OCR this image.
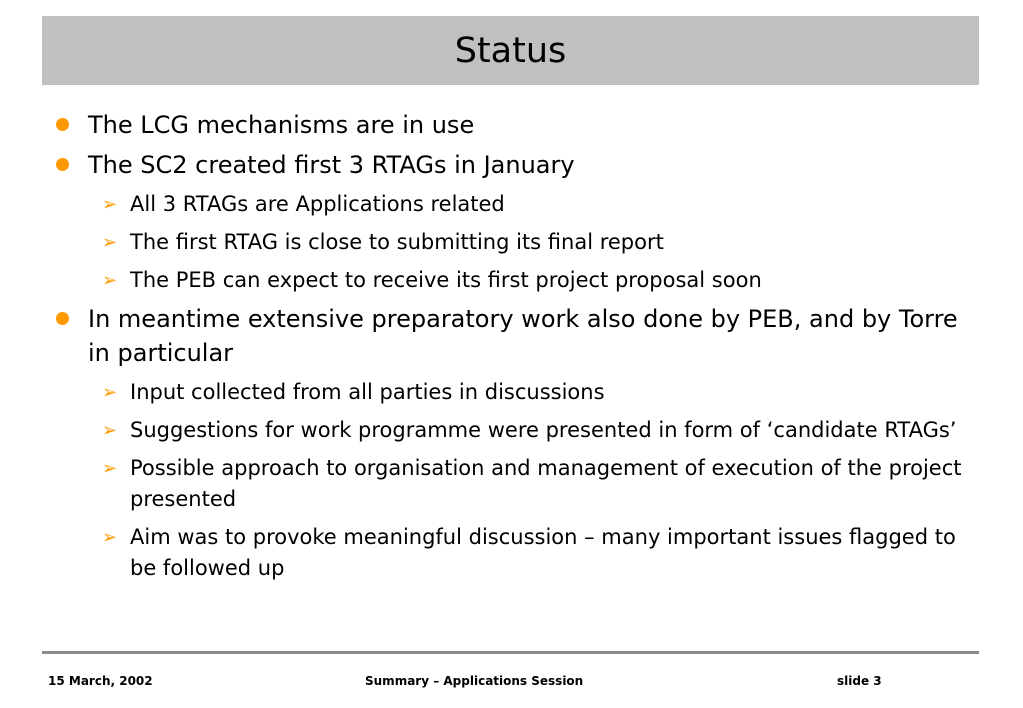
Status
The LCG mechanisms are in use
The SC2 created first 3 RTAGs in January
➢ All 3 RTAGs are Applications related
➢ The first RTAG is close to submitting its final report
➢ The PEB can expect to receive its first project proposal soon
In meantime extensive preparatory work also done by PEB, and by Torre in particular
➢ Input collected from all parties in discussions
➢ Suggestions for work programme were presented in form of ‘candidate RTAGs’
➢ Possible approach to organisation and management of execution of the project presented
➢ Aim was to provoke meaningful discussion – many important issues flagged to be followed up
15 March, 2002	Summary – Applications Session	slide 3
